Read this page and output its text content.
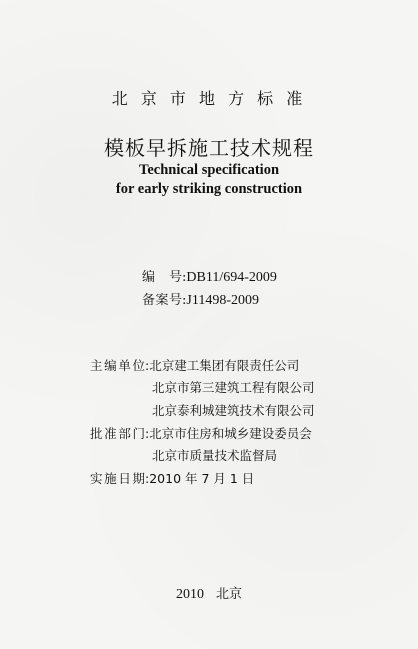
北 京 市 地 方 标 准
模板早拆施工技术规程
Technical specification
for early striking construction
编　号:DB11/694-2009
备案号:J11498-2009
主编单位:北京建工集团有限责任公司
北京市第三建筑工程有限公司
北京泰利城建筑技术有限公司
批准部门:北京市住房和城乡建设委员会
北京市质量技术监督局
实施日期:2010 年 7 月 1 日
2010 北京
